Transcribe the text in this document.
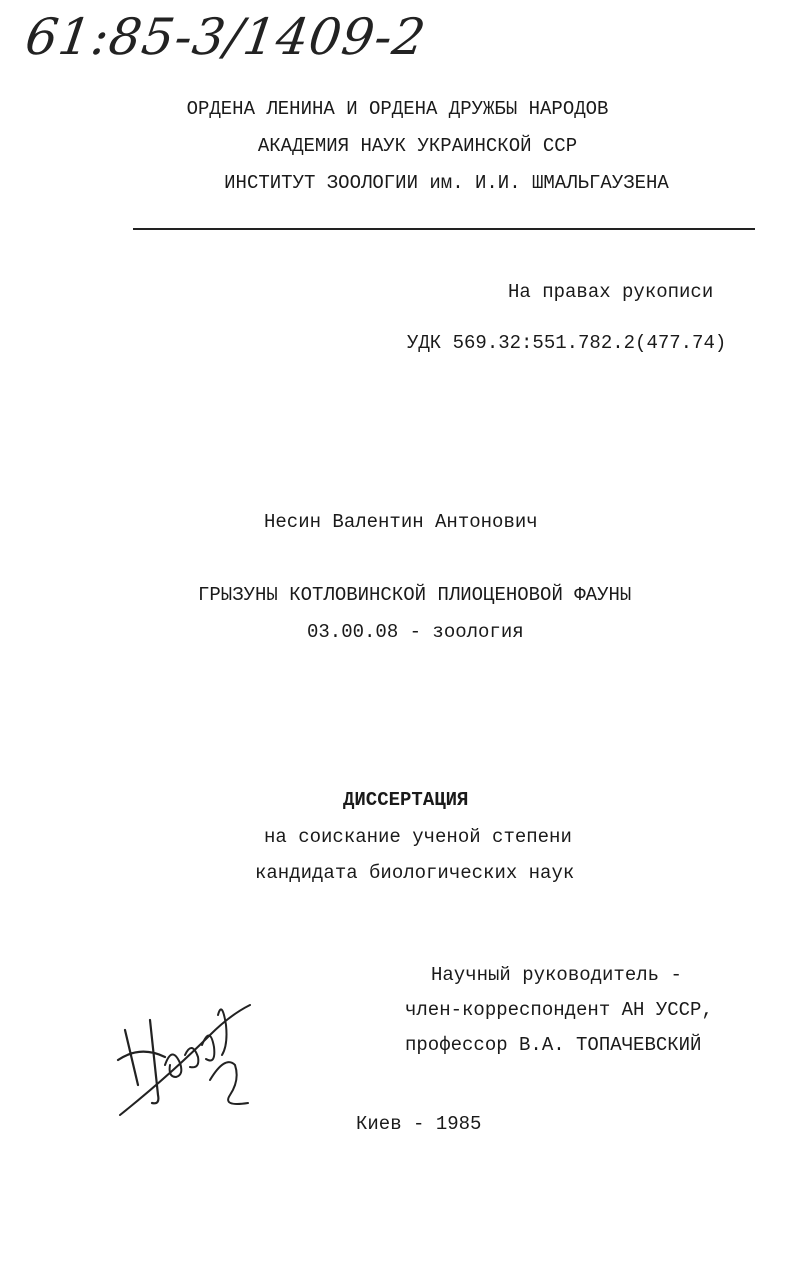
61:85-3/1409-2
ОРДЕНА ЛЕНИНА И ОРДЕНА ДРУЖБЫ НАРОДОВ
АКАДЕМИЯ НАУК УКРАИНСКОЙ ССР
ИНСТИТУТ ЗООЛОГИИ им. И.И. ШМАЛЬГАУЗЕНА
На правах рукописи
УДК 569.32:551.782.2(477.74)
Несин Валентин Антонович
ГРЫЗУНЫ КОТЛОВИНСКОЙ ПЛИОЦЕНОВОЙ ФАУНЫ
03.00.08 - зоология
ДИССЕРТАЦИЯ
на соискание ученой степени
кандидата биологических наук
Научный руководитель -
член-корреспондент АН УССР,
профессор В.А. ТОПАЧЕВСКИЙ
Киев - 1985
